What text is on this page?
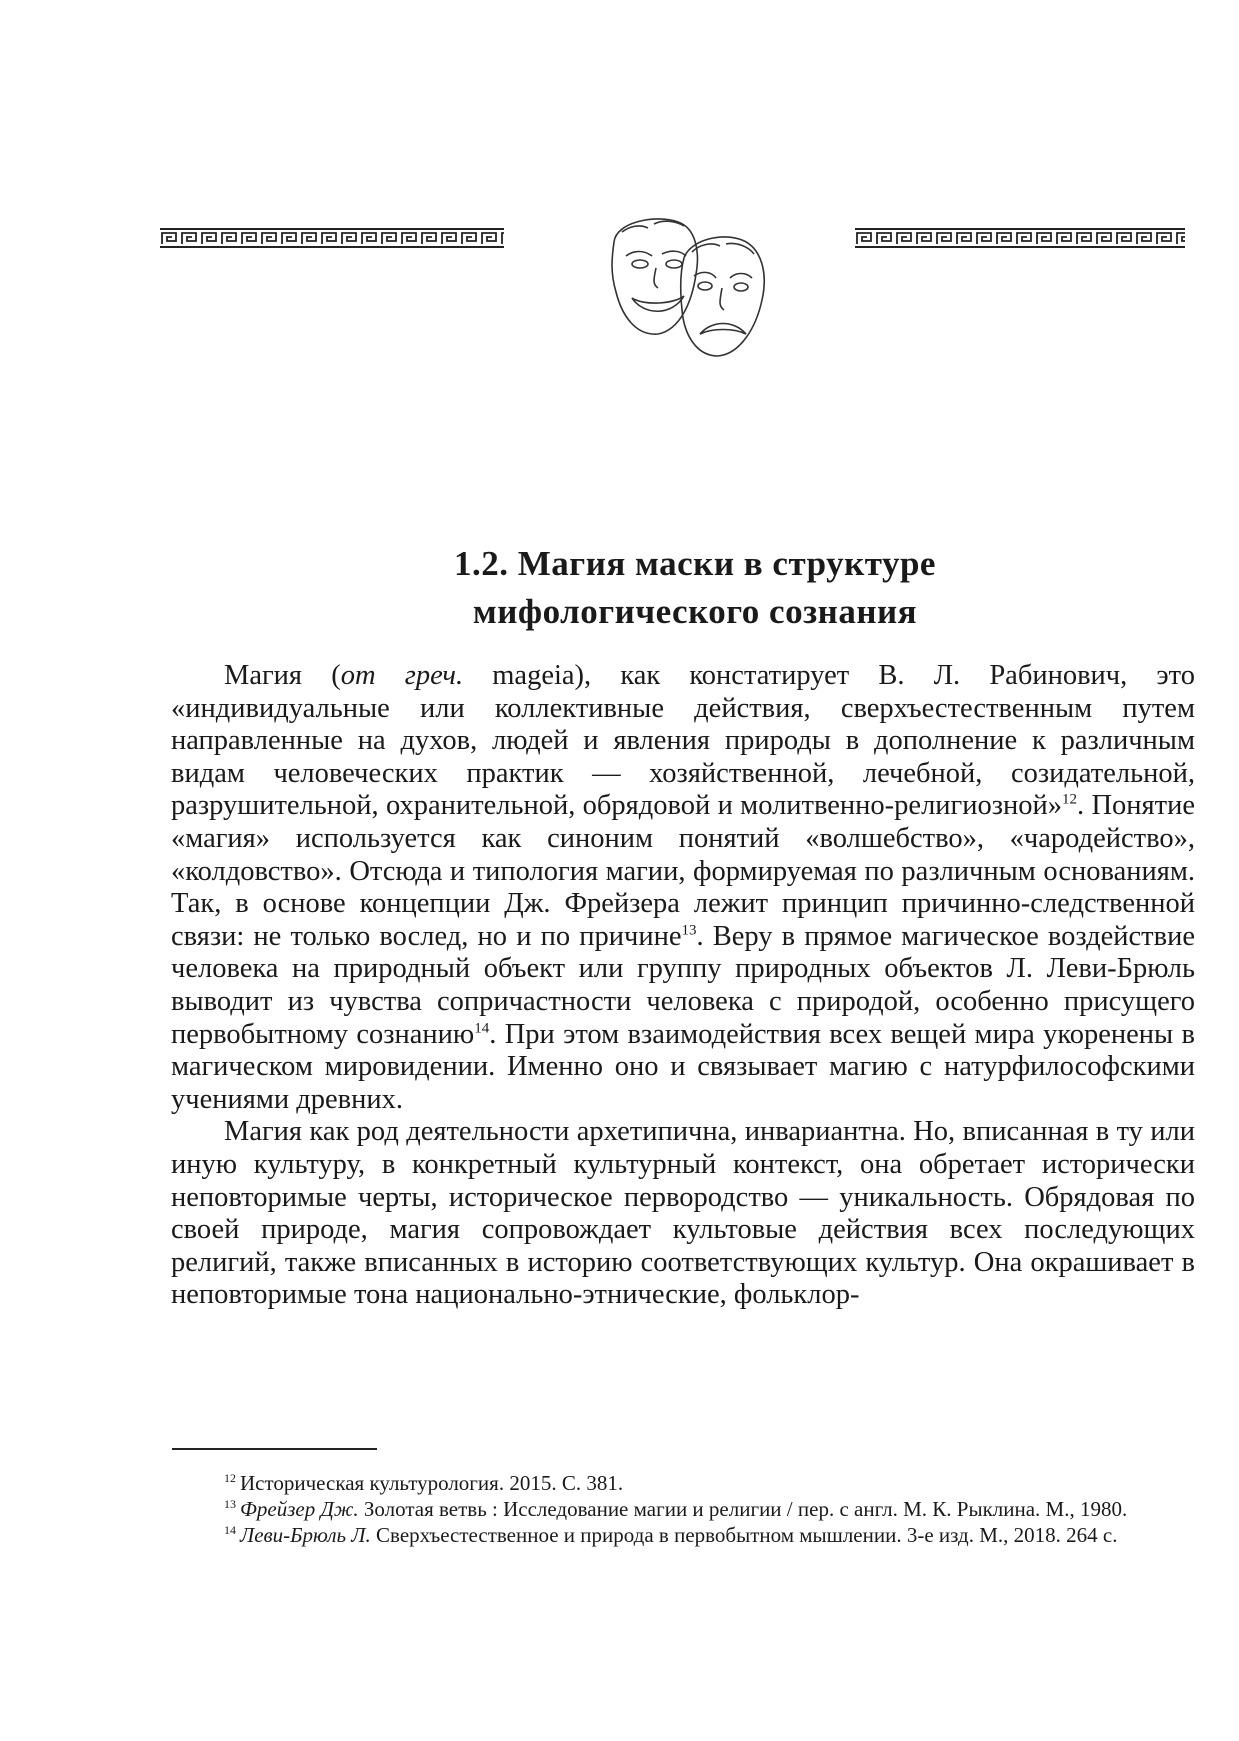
1.2. Магия маски в структуре
мифологического сознания

Магия (от греч. mageia), как констатирует В. Л. Рабинович, это «индивидуальные или коллективные действия, сверхъестественным путем направленные на духов, людей и явления природы в дополнение к различным видам человеческих практик — хозяйственной, лечебной, созидательной, разрушительной, охранительной, обрядовой и молитвенно-религиозной»$^{12}$. Понятие «магия» используется как синоним понятий «волшебство», «чародейство», «колдовство». Отсюда и типология магии, формируемая по различным основаниям. Так, в основе концепции Дж. Фрейзера лежит принцип причинно-следственной связи: не только вослед, но и по причине$^{13}$. Веру в прямое магическое воздействие человека на природный объект или группу природных объектов Л. Леви-Брюль выводит из чувства сопричастности человека с природой, особенно присущего первобытному сознанию$^{14}$. При этом взаимодействия всех вещей мира укоренены в магическом мировидении. Именно оно и связывает магию с натурфилософскими учениями древних.

Магия как род деятельности архетипична, инвариантна. Но, вписанная в ту или иную культуру, в конкретный культурный контекст, она обретает исторически неповторимые черты, историческое первородство — уникальность. Обрядовая по своей природе, магия сопровождает культовые действия всех последующих религий, также вписанных в историю соответствующих культур. Она окрашивает в неповторимые тона национально-этнические, фольклор-

$^{12}$ Историческая культурология. 2015. С. 381.

$^{13}$ Фрейзер Дж. Золотая ветвь : Исследование магии и религии / пер. с англ. М. К. Рыклина. М., 1980.

$^{14}$ Леви-Брюль Л. Сверхъестественное и природа в первобытном мышлении. 3-е изд. М., 2018. 264 с.
